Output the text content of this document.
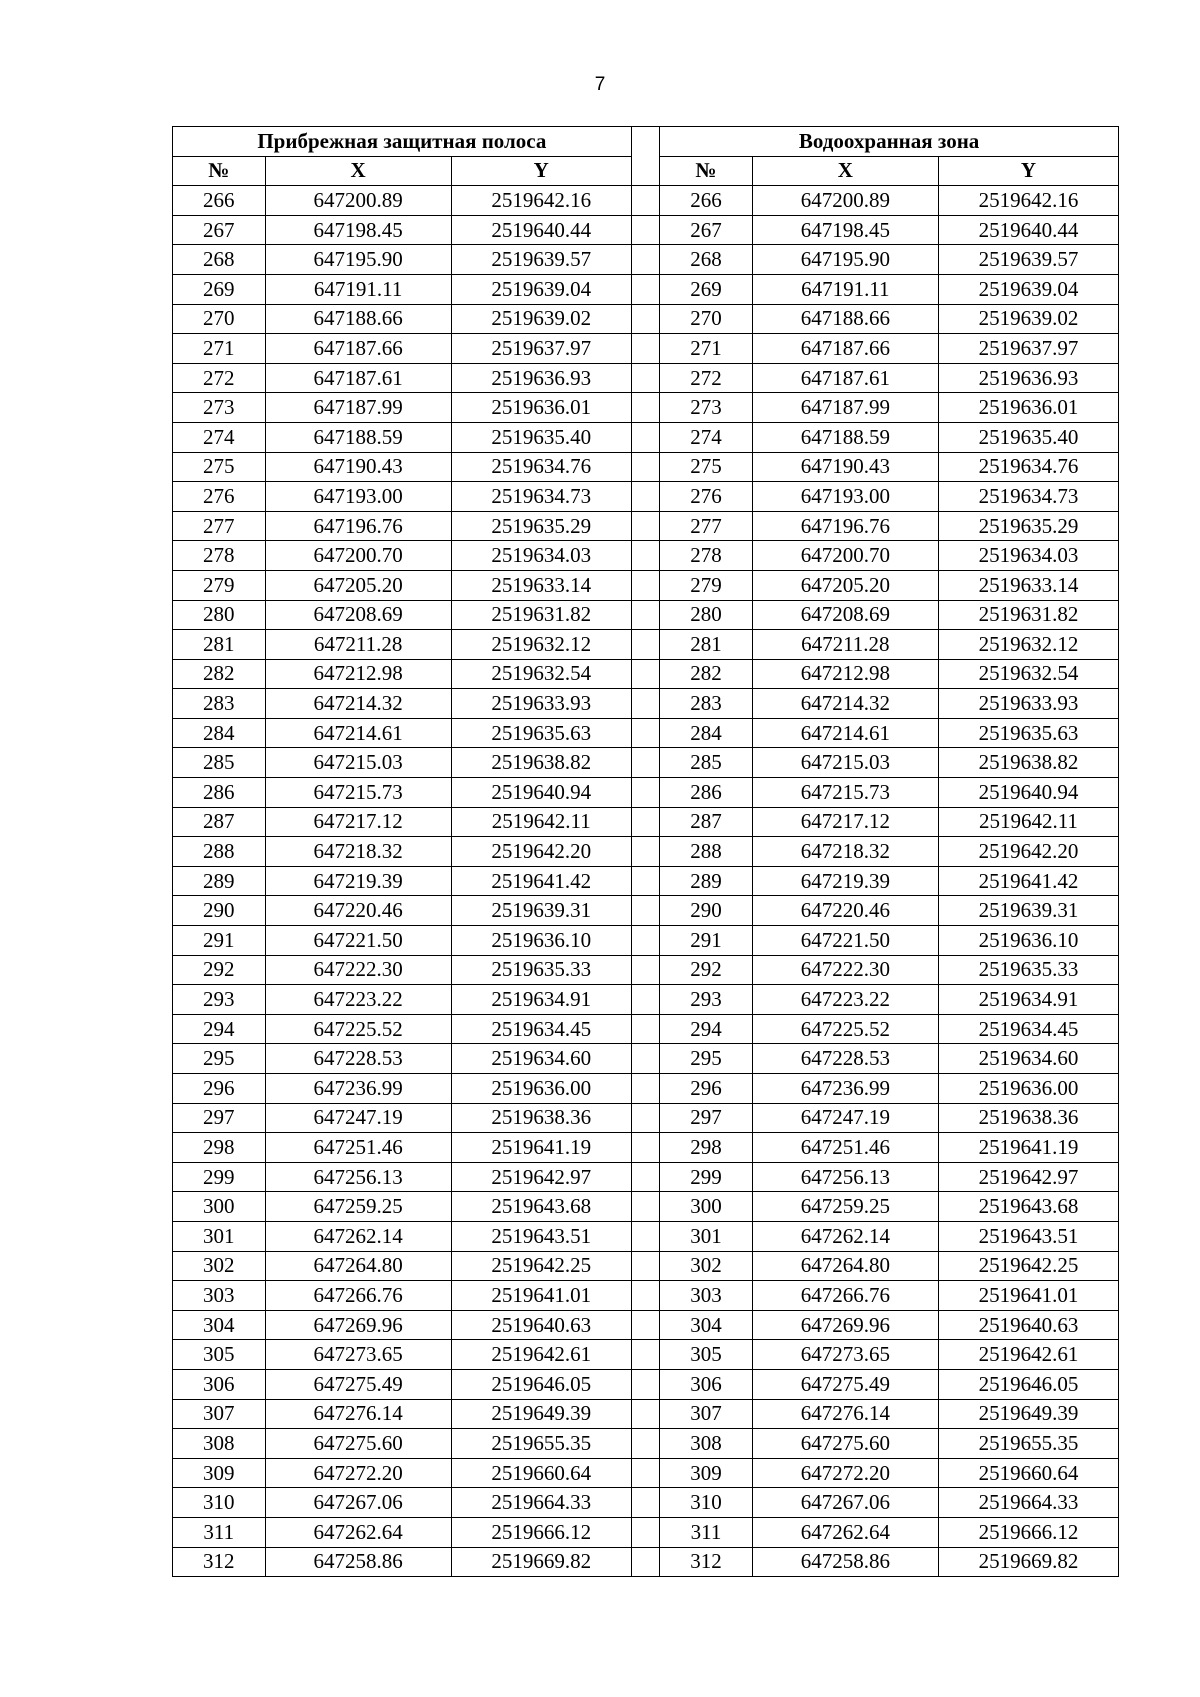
7
Прибрежная защитная полоса				Водоохранная зона		
№	X	Y		№	X	Y
266	647200.89	2519642.16		266	647200.89	2519642.16
267	647198.45	2519640.44		267	647198.45	2519640.44
268	647195.90	2519639.57		268	647195.90	2519639.57
269	647191.11	2519639.04		269	647191.11	2519639.04
270	647188.66	2519639.02		270	647188.66	2519639.02
271	647187.66	2519637.97		271	647187.66	2519637.97
272	647187.61	2519636.93		272	647187.61	2519636.93
273	647187.99	2519636.01		273	647187.99	2519636.01
274	647188.59	2519635.40		274	647188.59	2519635.40
275	647190.43	2519634.76		275	647190.43	2519634.76
276	647193.00	2519634.73		276	647193.00	2519634.73
277	647196.76	2519635.29		277	647196.76	2519635.29
278	647200.70	2519634.03		278	647200.70	2519634.03
279	647205.20	2519633.14		279	647205.20	2519633.14
280	647208.69	2519631.82		280	647208.69	2519631.82
281	647211.28	2519632.12		281	647211.28	2519632.12
282	647212.98	2519632.54		282	647212.98	2519632.54
283	647214.32	2519633.93		283	647214.32	2519633.93
284	647214.61	2519635.63		284	647214.61	2519635.63
285	647215.03	2519638.82		285	647215.03	2519638.82
286	647215.73	2519640.94		286	647215.73	2519640.94
287	647217.12	2519642.11		287	647217.12	2519642.11
288	647218.32	2519642.20		288	647218.32	2519642.20
289	647219.39	2519641.42		289	647219.39	2519641.42
290	647220.46	2519639.31		290	647220.46	2519639.31
291	647221.50	2519636.10		291	647221.50	2519636.10
292	647222.30	2519635.33		292	647222.30	2519635.33
293	647223.22	2519634.91		293	647223.22	2519634.91
294	647225.52	2519634.45		294	647225.52	2519634.45
295	647228.53	2519634.60		295	647228.53	2519634.60
296	647236.99	2519636.00		296	647236.99	2519636.00
297	647247.19	2519638.36		297	647247.19	2519638.36
298	647251.46	2519641.19		298	647251.46	2519641.19
299	647256.13	2519642.97		299	647256.13	2519642.97
300	647259.25	2519643.68		300	647259.25	2519643.68
301	647262.14	2519643.51		301	647262.14	2519643.51
302	647264.80	2519642.25		302	647264.80	2519642.25
303	647266.76	2519641.01		303	647266.76	2519641.01
304	647269.96	2519640.63		304	647269.96	2519640.63
305	647273.65	2519642.61		305	647273.65	2519642.61
306	647275.49	2519646.05		306	647275.49	2519646.05
307	647276.14	2519649.39		307	647276.14	2519649.39
308	647275.60	2519655.35		308	647275.60	2519655.35
309	647272.20	2519660.64		309	647272.20	2519660.64
310	647267.06	2519664.33		310	647267.06	2519664.33
311	647262.64	2519666.12		311	647262.64	2519666.12
312	647258.86	2519669.82		312	647258.86	2519669.82
